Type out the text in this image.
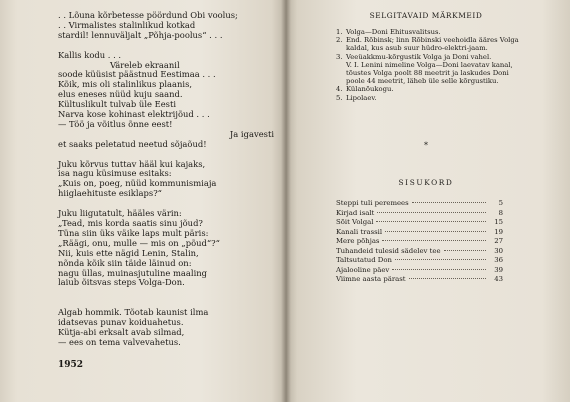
. . Lõuna kõrbetesse pöördund Obi voolus;
. . Virmalistes stalinlikud kotkad
stardil! lennuväljalt „Põhja-poolus“ . . .
Kallis kodu . . .
Väreleb ekraanil
soode küüsist päästnud Eestimaa . . .
Kõik, mis oli stalinlikus plaanis,
elus eneses nüüd kuju saand.
Kültuslikult tulvab üle Eesti
Narva kose kohinast elektrijõud . . .
— Töö ja võitlus õnne eest!
Ja igavesti
et saaks peletatud neetud sõjaõud!
Juku kõrvus tuttav hääl kui kajaks,
isa nagu küsimuse esitaks:
„Kuis on, poeg, nüüd kommunismiaja
hiiglaehituste esiklaps?“
Juku liigutatult, hääles värin:
„Tead, mis korda saatis sinu jõud?
Tüna siin üks väike laps mult päris:
„Räägi, onu, mulle — mis on „põud“?“
Nii, kuis ette nägid Lenin, Stalin,
nõnda kõik siin täide läinud on:
nagu üllas, muinasjutuline maaling
laiub õitsvas steps Volga-Don.
Algab hommik. Tõotab kaunist ilma
idatsevas punav koiduahetus.
Kütja-abi erksalt avab silmad,
— ees on tema valvevahetus.
1952
SELGITAVAID MÄRKMEID
1. Volga—Doni Ehitusvalitsus.
2. End. Rõbinsk; linn Rõbinski veehoidla ääres Volga kaldal, kus asub suur hüdro-elektri-jaam.
3. Veeüakkmu-kõrgustik Volga ja Doni vahel.
V. I. Lenini nimeline Volga—Doni laevatav kanal, tõustes Volga poolt 88 meetrit ja laskudes Doni poole 44 meetrit, läheb üle selle kõrgustiku.
4. Külanõukogu.
5. Lipolaev.
*
SISUKORD
Steppi tuli peremees	5
Kirjad isalt	8
Sõit Volgal	15
Kanali trassil	19
Mere põhjas	27
Tuhandeid tulesid sädelev tee	30
Taltsutatud Don	36
Ajalooline päev	39
Viimne aasta pärast	43
